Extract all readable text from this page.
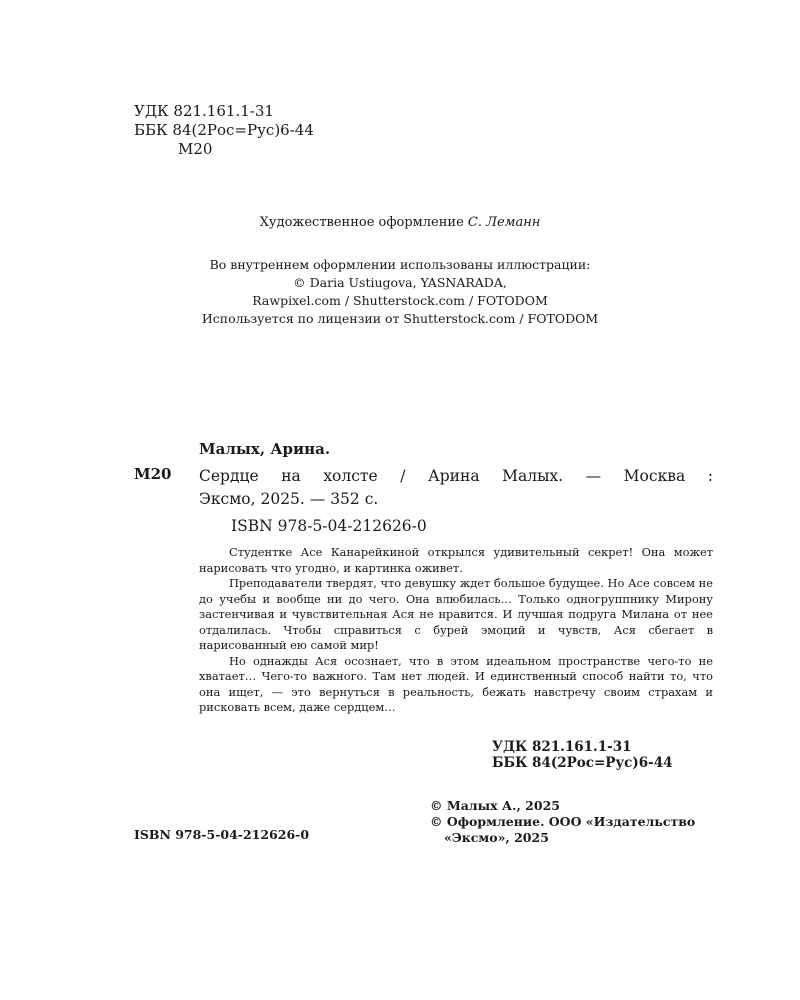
УДК 821.161.1-31
ББК 84(2Рос=Рус)6-44
М20
Художественное оформление С. Леманн
Во внутреннем оформлении использованы иллюстрации:
© Daria Ustiugova, YASNARADA,
Rawpixel.com / Shutterstock.com / FOTODOM
Используется по лицензии от Shutterstock.com / FOTODOM
Малых, Арина.
М20 Сердце на холсте / Арина Малых. — Москва :
Эксмо, 2025. — 352 с.
ISBN 978-5-04-212626-0

Студентке Асе Канарейкиной открылся удивительный секрет! Она может нарисовать что угодно, и картинка оживет.

Преподаватели твердят, что девушку ждет большое будущее. Но Асе совсем не до учебы и вообще ни до чего. Она влюбилась… Только одногруппнику Мирону застенчивая и чувствительная Ася не нравится. И лучшая подруга Милана от нее отдалилась. Чтобы справиться с бурей эмоций и чувств, Ася сбегает в нарисованный ею самой мир!

Но однажды Ася осознает, что в этом идеальном пространстве чего-то не хватает… Чего-то важного. Там нет людей. И единственный способ найти то, что она ищет, — это вернуться в реальность, бежать навстречу своим страхам и рисковать всем, даже сердцем…

УДК 821.161.1-31
ББК 84(2Рос=Рус)6-44
ISBN 978-5-04-212626-0
© Малых А., 2025
© Оформление. ООО «Издательство
«Эксмо», 2025
